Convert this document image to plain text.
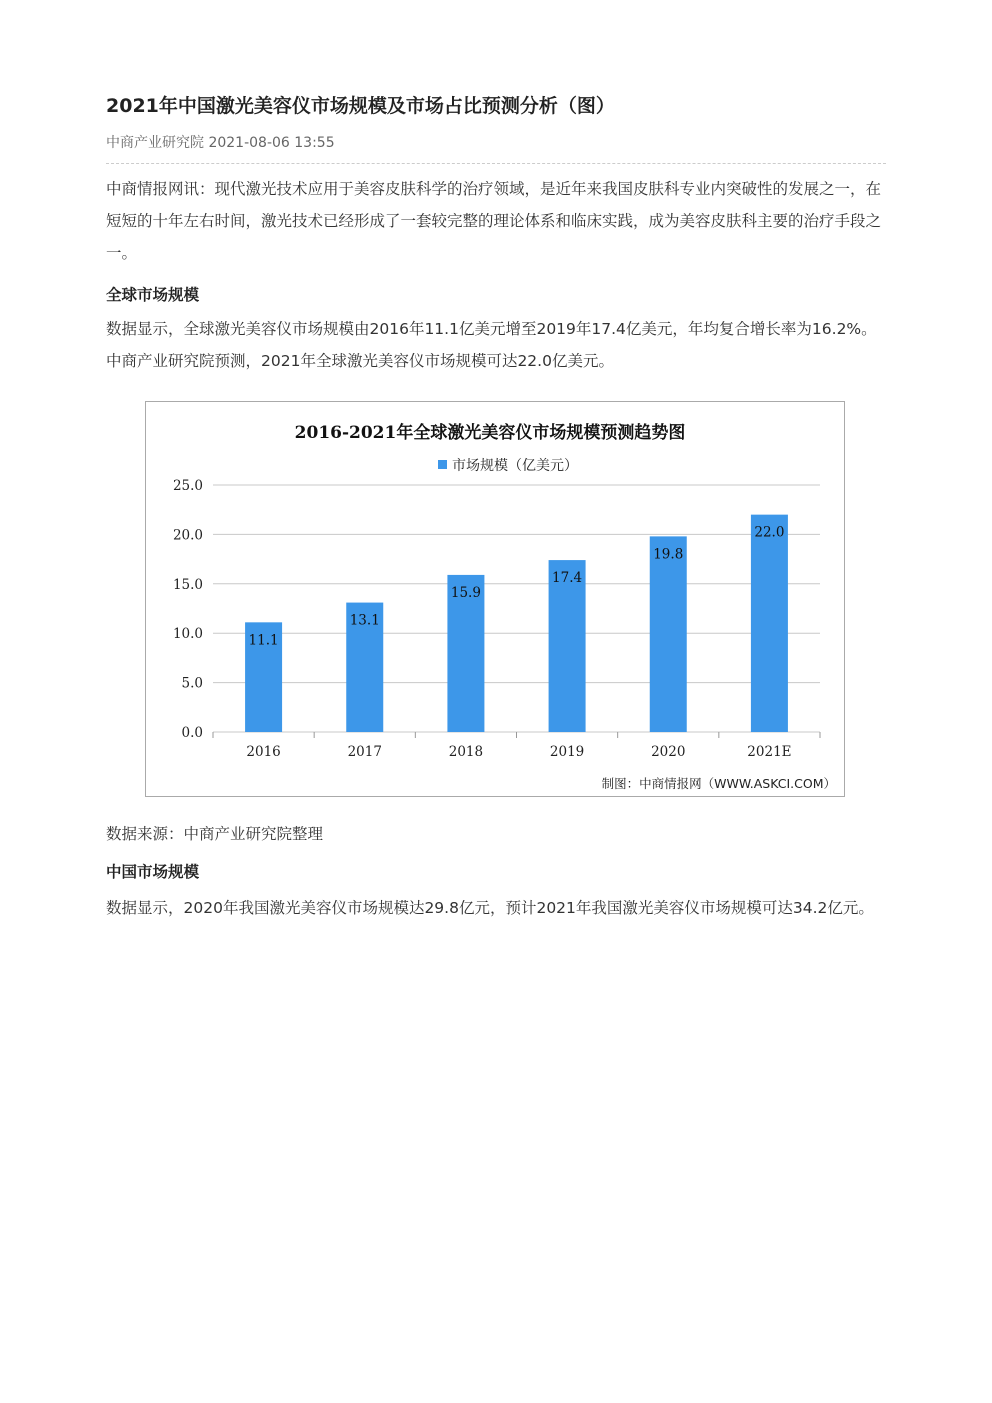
2021年中国激光美容仪市场规模及市场占比预测分析（图）
中商产业研究院 2021-08-06 13:55

中商情报网讯：现代激光技术应用于美容皮肤科学的治疗领域，是近年来我国皮肤科专业内突破性的发展之一，在短短的十年左右时间，激光技术已经形成了一套较完整的理论体系和临床实践，成为美容皮肤科主要的治疗手段之一。

全球市场规模

数据显示，全球激光美容仪市场规模由2016年11.1亿美元增至2019年17.4亿美元，年均复合增长率为16.2%。中商产业研究院预测，2021年全球激光美容仪市场规模可达22.0亿美元。

2016-2021年全球激光美容仪市场规模预测趋势图
市场规模（亿美元）
0.0
5.0
10.0
15.0
20.0
25.0
11.1
2016
13.1
2017
15.9
2018
17.4
2019
19.8
2020
22.0
2021E
制图：中商情报网（WWW.ASKCI.COM）
数据来源：中商产业研究院整理
中国市场规模

数据显示，2020年我国激光美容仪市场规模达29.8亿元，预计2021年我国激光美容仪市场规模可达34.2亿元。
